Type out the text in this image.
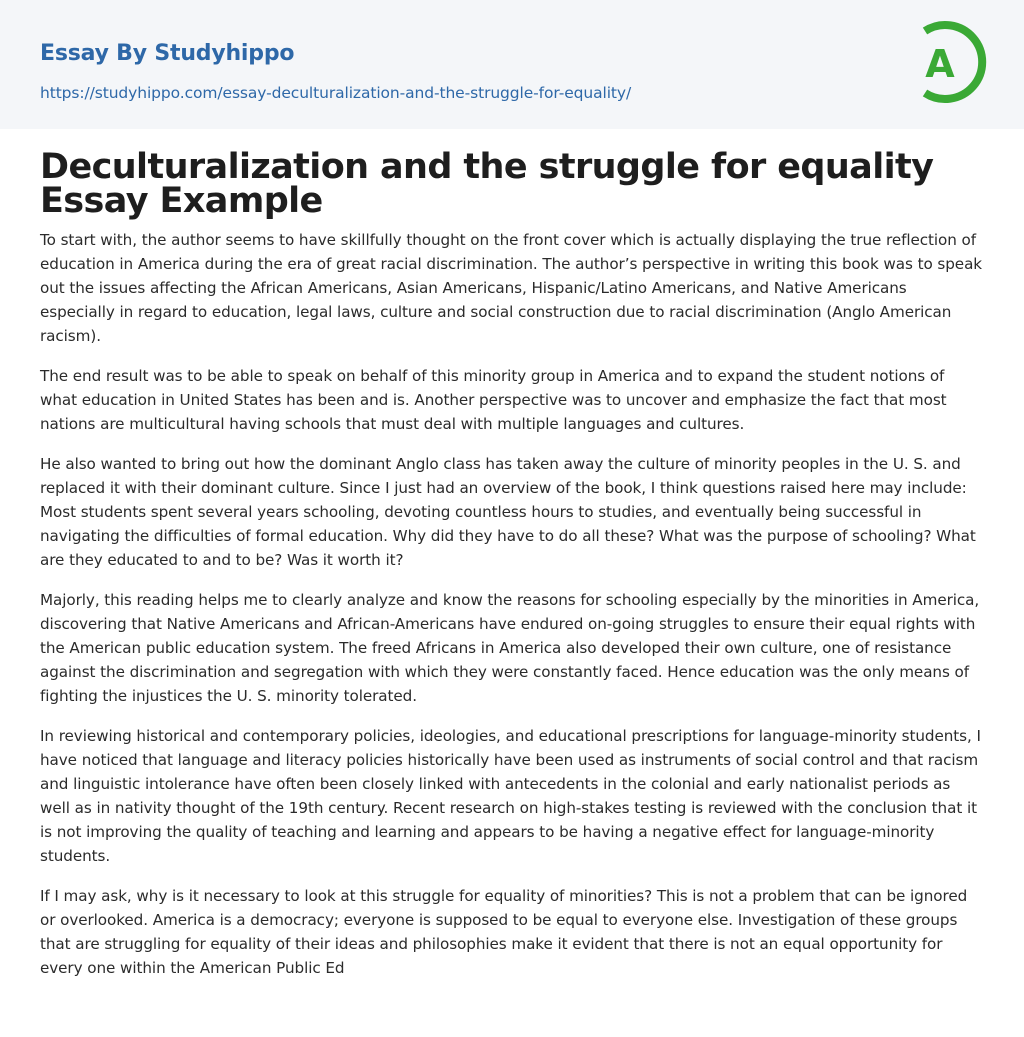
Essay By Studyhippo
https://studyhippo.com/essay-deculturalization-and-the-struggle-for-equality/
A
Deculturalization and the struggle for equality Essay Example

To start with, the author seems to have skillfully thought on the front cover which is actually displaying the true reflection of education in America during the era of great racial discrimination. The author’s perspective in writing this book was to speak out the issues affecting the African Americans, Asian Americans, Hispanic/Latino Americans, and Native Americans especially in regard to education, legal laws, culture and social construction due to racial discrimination (Anglo American racism).

The end result was to be able to speak on behalf of this minority group in America and to expand the student notions of what education in United States has been and is. Another perspective was to uncover and emphasize the fact that most nations are multicultural having schools that must deal with multiple languages and cultures.

He also wanted to bring out how the dominant Anglo class has taken away the culture of minority peoples in the U. S. and replaced it with their dominant culture. Since I just had an overview of the book, I think questions raised here may include: Most students spent several years schooling, devoting countless hours to studies, and eventually being successful in navigating the difficulties of formal education. Why did they have to do all these? What was the purpose of schooling? What are they educated to and to be? Was it worth it?

Majorly, this reading helps me to clearly analyze and know the reasons for schooling especially by the minorities in America, discovering that Native Americans and African-Americans have endured on-going struggles to ensure their equal rights with the American public education system. The freed Africans in America also developed their own culture, one of resistance against the discrimination and segregation with which they were constantly faced. Hence education was the only means of fighting the injustices the U. S. minority tolerated.

In reviewing historical and contemporary policies, ideologies, and educational prescriptions for language-minority students, I have noticed that language and literacy policies historically have been used as instruments of social control and that racism and linguistic intolerance have often been closely linked with antecedents in the colonial and early nationalist periods as well as in nativity thought of the 19th century. Recent research on high-stakes testing is reviewed with the conclusion that it is not improving the quality of teaching and learning and appears to be having a negative effect for language-minority students.

If I may ask, why is it necessary to look at this struggle for equality of minorities? This is not a problem that can be ignored or overlooked. America is a democracy; everyone is supposed to be equal to everyone else. Investigation of these groups that are struggling for equality of their ideas and philosophies make it evident that there is not an equal opportunity for every one within the American Public Ed
